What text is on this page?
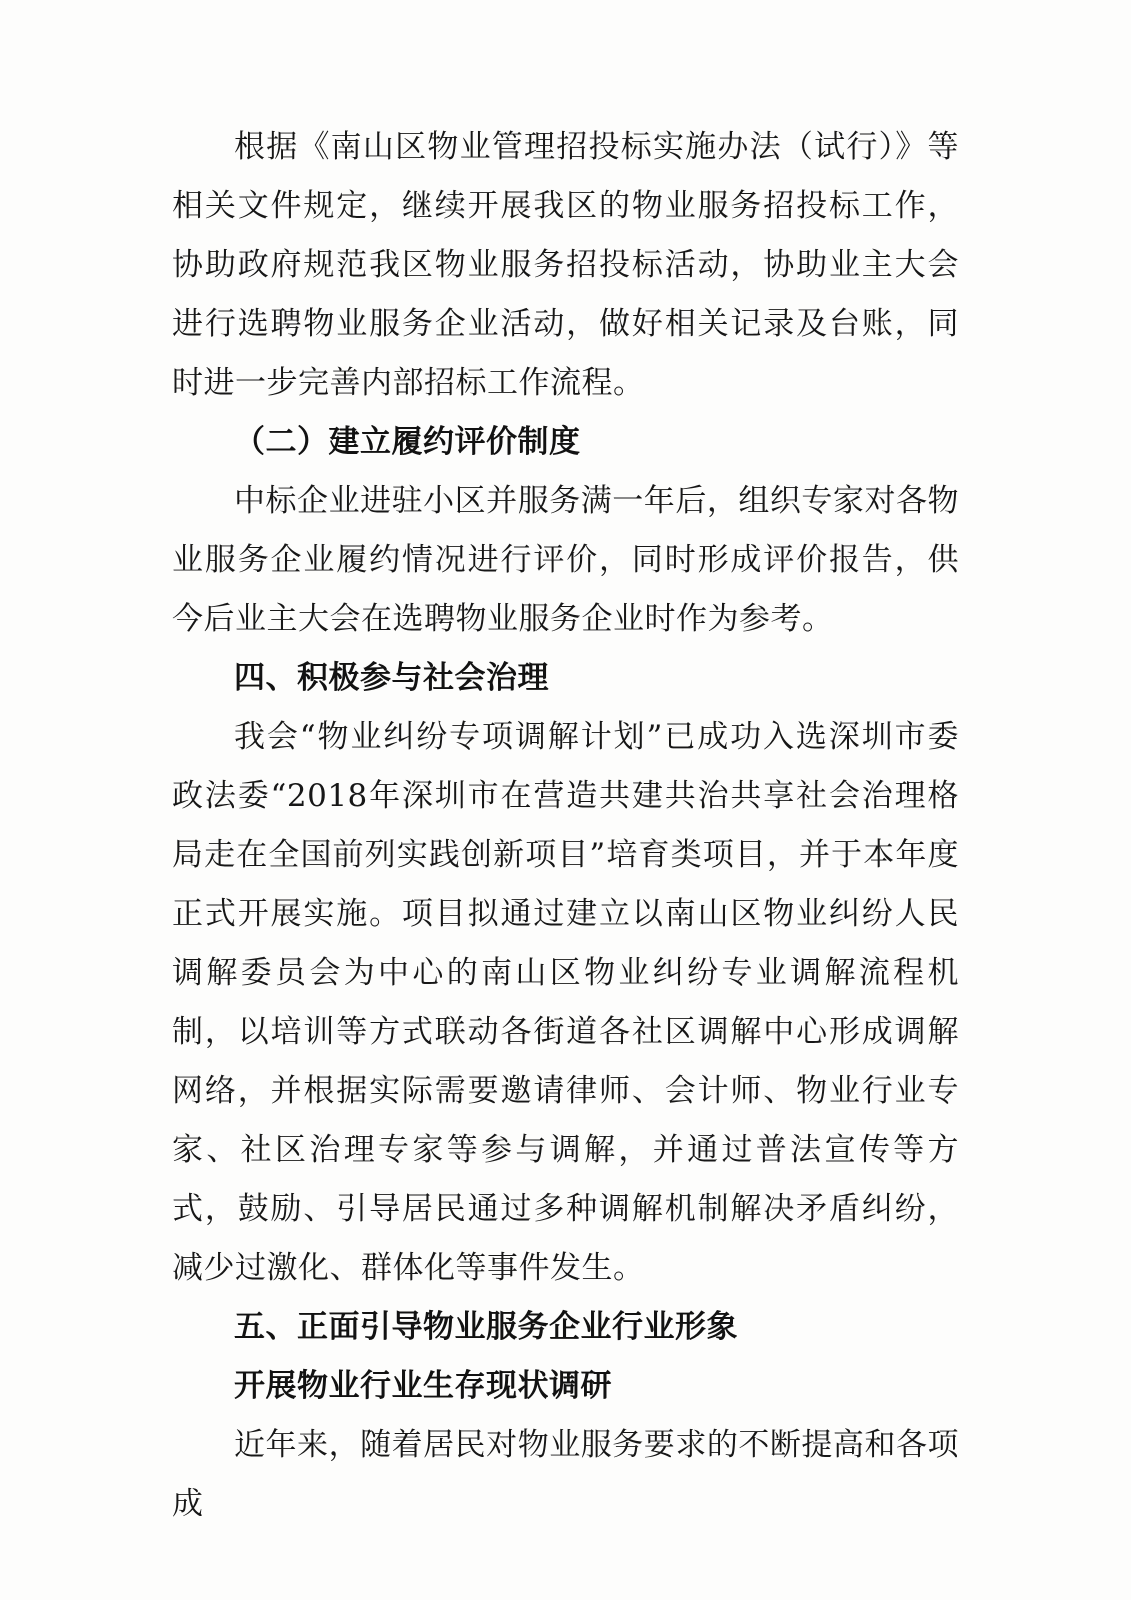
根据《南山区物业管理招投标实施办法（试行）》等相关文件规定，继续开展我区的物业服务招投标工作，协助政府规范我区物业服务招投标活动，协助业主大会进行选聘物业服务企业活动，做好相关记录及台账，同时进一步完善内部招标工作流程。

（二）建立履约评价制度

中标企业进驻小区并服务满一年后，组织专家对各物业服务企业履约情况进行评价，同时形成评价报告，供今后业主大会在选聘物业服务企业时作为参考。

四、积极参与社会治理

我会“物业纠纷专项调解计划”已成功入选深圳市委政法委“2018年深圳市在营造共建共治共享社会治理格局走在全国前列实践创新项目”培育类项目，并于本年度正式开展实施。项目拟通过建立以南山区物业纠纷人民调解委员会为中心的南山区物业纠纷专业调解流程机制，以培训等方式联动各街道各社区调解中心形成调解网络，并根据实际需要邀请律师、会计师、物业行业专家、社区治理专家等参与调解，并通过普法宣传等方式，鼓励、引导居民通过多种调解机制解决矛盾纠纷，减少过激化、群体化等事件发生。

五、正面引导物业服务企业行业形象

开展物业行业生存现状调研

近年来，随着居民对物业服务要求的不断提高和各项成
